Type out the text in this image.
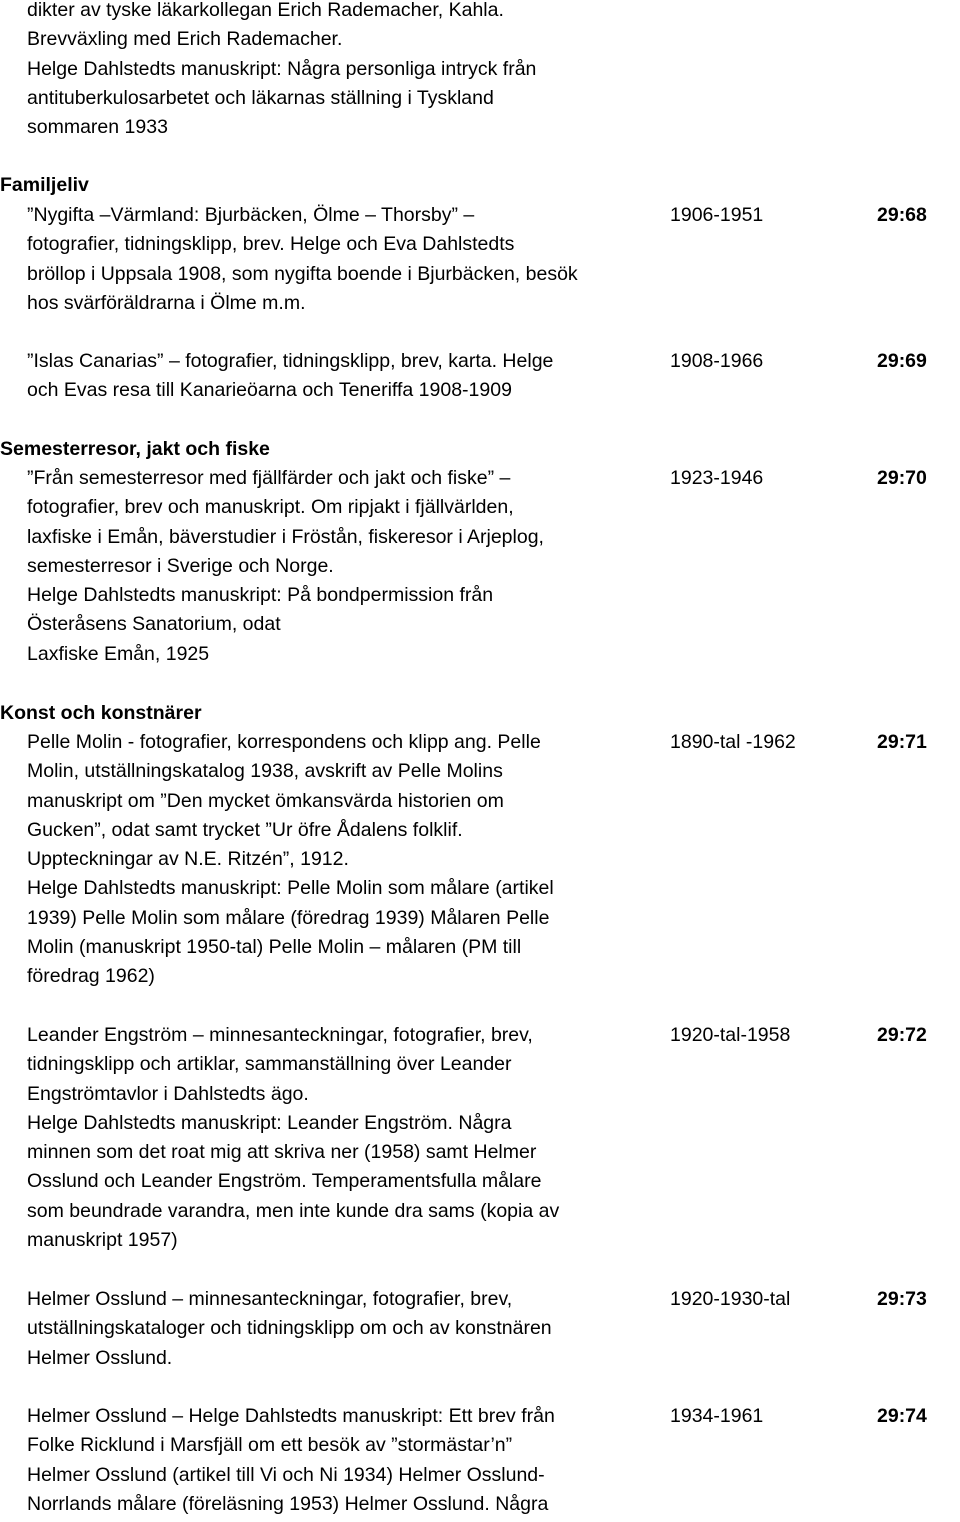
dikter av tyske läkarkollegan Erich Rademacher, Kahla.
Brevväxling med Erich Rademacher.
Helge Dahlstedts manuskript: Några personliga intryck från
antituberkulosarbetet och läkarnas ställning i Tyskland
sommaren 1933
Familjeliv
”Nygifta –Värmland: Bjurbäcken, Ölme – Thorsby” –
fotografier, tidningsklipp, brev. Helge och Eva Dahlstedts
bröllop i Uppsala 1908, som nygifta boende i Bjurbäcken, besök
hos svärföräldrarna i Ölme m.m.
1906-1951	29:68
”Islas Canarias” – fotografier, tidningsklipp, brev, karta. Helge
och Evas resa till Kanarieöarna och Teneriffa 1908-1909
1908-1966	29:69
Semesterresor, jakt och fiske
”Från semesterresor med fjällfärder och jakt och fiske” –
fotografier, brev och manuskript. Om ripjakt i fjällvärlden,
laxfiske i Emån, bäverstudier i Fröstån, fiskeresor i Arjeplog,
semesterresor i Sverige och Norge.
Helge Dahlstedts manuskript: På bondpermission från
Österåsens Sanatorium, odat
Laxfiske Emån, 1925
1923-1946	29:70
Konst och konstnärer
Pelle Molin - fotografier, korrespondens och klipp ang. Pelle
Molin, utställningskatalog 1938, avskrift av Pelle Molins
manuskript om ”Den mycket ömkansvärda historien om
Gucken”, odat samt trycket ”Ur öfre Ådalens folklif.
Uppteckningar av N.E. Ritzén”, 1912.
Helge Dahlstedts manuskript: Pelle Molin som målare (artikel
1939) Pelle Molin som målare (föredrag 1939) Målaren Pelle
Molin (manuskript 1950-tal) Pelle Molin – målaren (PM till
föredrag 1962)
1890-tal -1962	29:71
Leander Engström – minnesanteckningar, fotografier, brev,
tidningsklipp och artiklar, sammanställning över Leander
Engströmtavlor i Dahlstedts ägo.
Helge Dahlstedts manuskript: Leander Engström. Några
minnen som det roat mig att skriva ner (1958) samt Helmer
Osslund och Leander Engström. Temperamentsfulla målare
som beundrade varandra, men inte kunde dra sams (kopia av
manuskript 1957)
1920-tal-1958	29:72
Helmer Osslund – minnesanteckningar, fotografier, brev,
utställningskataloger och tidningsklipp om och av konstnären
Helmer Osslund.
1920-1930-tal	29:73
Helmer Osslund – Helge Dahlstedts manuskript: Ett brev från
Folke Ricklund i Marsfjäll om ett besök av ”stormästar’n”
Helmer Osslund (artikel till Vi och Ni 1934) Helmer Osslund-
Norrlands målare (föreläsning 1953) Helmer Osslund. Några
1934-1961	29:74
